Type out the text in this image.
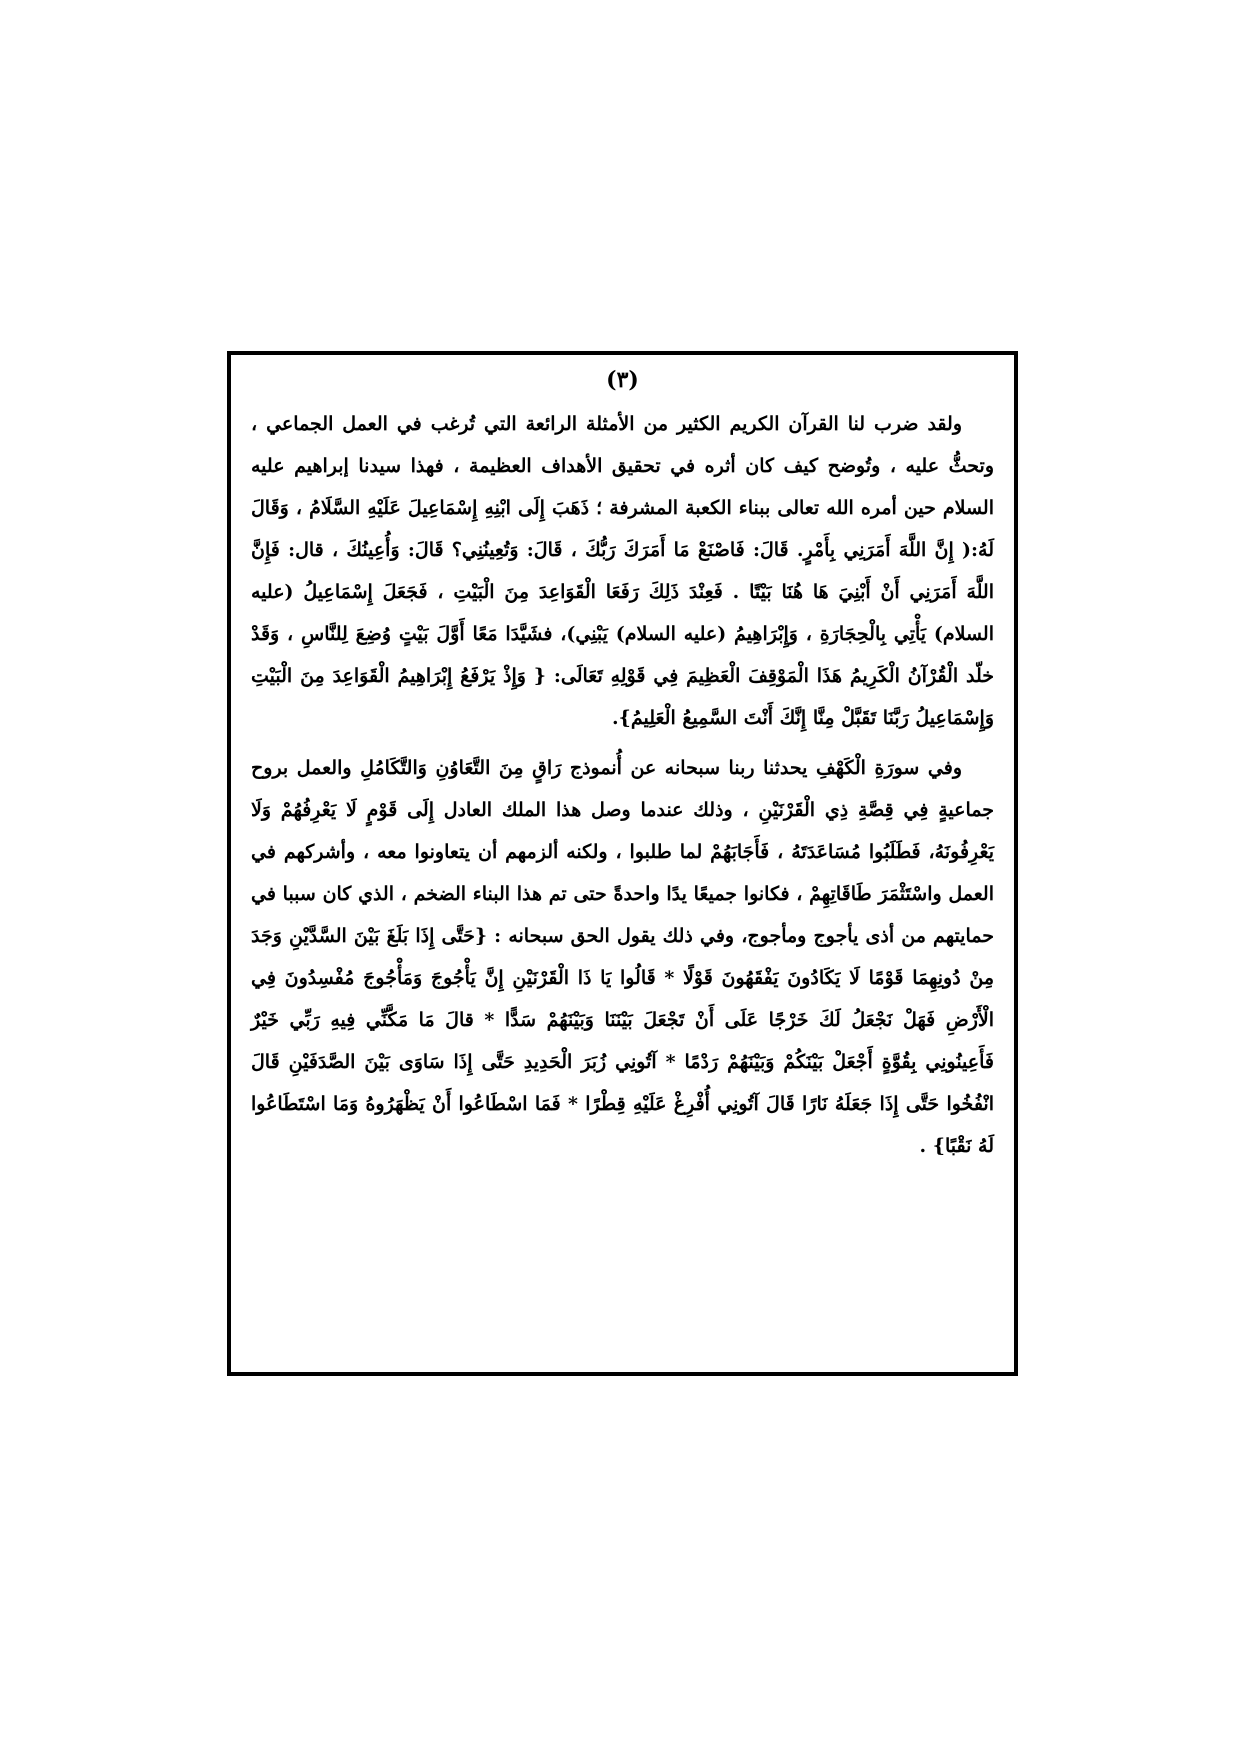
(٣)

ولقد ضرب لنا القرآن الكريم الكثير من الأمثلة الرائعة التي تُرغب في العمل الجماعي ، وتحثُّ عليه ، وتُوضح كيف كان أثره في تحقيق الأهداف العظيمة ، فهذا سيدنا إبراهيم عليه السلام حين أمره الله تعالى ببناء الكعبة المشرفة ؛ ذَهَبَ إِلَى ابْنِهِ إِسْمَاعِيلَ عَلَيْهِ السَّلَامُ ، وَقَالَ لَهُ:( إِنَّ اللَّهَ أَمَرَنِي بِأَمْرٍ. قَالَ: فَاصْنَعْ مَا أَمَرَكَ رَبُّكَ ، قَالَ: وَتُعِينُنِي؟ قَالَ: وَأُعِينُكَ ، قال: فَإِنَّ اللَّهَ أَمَرَنِي أَنْ أَبْنِيَ هَا هُنَا بَيْتًا . فَعِنْدَ ذَلِكَ رَفَعَا الْقَوَاعِدَ مِنَ الْبَيْتِ ، فَجَعَلَ إِسْمَاعِيلُ (عليه السلام) يَأْتِي بِالْحِجَارَةِ ، وَإِبْرَاهِيمُ (عليه السلام) يَبْنِي)، فشَيَّدَا مَعًا أَوَّلَ بَيْتٍ وُضِعَ لِلنَّاسِ ، وَقَدْ خلّد الْقُرْآنُ الْكَرِيمُ هَذَا الْمَوْقِفَ الْعَظِيمَ فِي قَوْلِهِ تَعَالَى: { وَإِذْ يَرْفَعُ إِبْرَاهِيمُ الْقَوَاعِدَ مِنَ الْبَيْتِ وَإِسْمَاعِيلُ رَبَّنَا تَقَبَّلْ مِنَّا إِنَّكَ أَنْتَ السَّمِيعُ الْعَلِيمُ}.

وفي سورَةِ الْكَهْفِ يحدثنا ربنا سبحانه عن أُنموذج رَاقٍ مِنَ التَّعَاوُنِ وَالتَّكَامُلِ والعمل بروح جماعيةٍ فِي قِصَّةِ ذِي الْقَرْنَيْنِ ، وذلك عندما وصل هذا الملك العادل إِلَى قَوْمٍ لَا يَعْرِفُهُمْ وَلَا يَعْرِفُونَهُ، فَطَلَبُوا مُسَاعَدَتَهُ ، فَأَجَابَهُمْ لما طلبوا ، ولكنه ألزمهم أن يتعاونوا معه ، وأشركهم في العمل واسْتَثْمَرَ طَاقَاتِهِمْ ، فكانوا جميعًا يدًا واحدةً حتى تم هذا البناء الضخم ، الذي كان سببا في حمايتهم من أذى يأجوج ومأجوج، وفي ذلك يقول الحق سبحانه : {حَتَّى إِذَا بَلَغَ بَيْنَ السَّدَّيْنِ وَجَدَ مِنْ دُونِهِمَا قَوْمًا لَا يَكَادُونَ يَفْقَهُونَ قَوْلًا * قَالُوا يَا ذَا الْقَرْنَيْنِ إِنَّ يَأْجُوجَ وَمَأْجُوجَ مُفْسِدُونَ فِي الْأَرْضِ فَهَلْ نَجْعَلُ لَكَ خَرْجًا عَلَى أَنْ تَجْعَلَ بَيْنَنَا وَبَيْنَهُمْ سَدًّا * قالَ مَا مَكَّنِّي فِيهِ رَبِّي خَيْرٌ فَأَعِينُونِي بِقُوَّةٍ أَجْعَلْ بَيْنَكُمْ وَبَيْنَهُمْ رَدْمًا * آتُونِي زُبَرَ الْحَدِيدِ حَتَّى إِذَا سَاوَى بَيْنَ الصَّدَفَيْنِ قَالَ انْفُخُوا حَتَّى إِذَا جَعَلَهُ نَارًا قَالَ آتُونِي أُفْرِغْ عَلَيْهِ قِطْرًا * فَمَا اسْطَاعُوا أَنْ يَظْهَرُوهُ وَمَا اسْتَطَاعُوا لَهُ نَقْبًا} .
